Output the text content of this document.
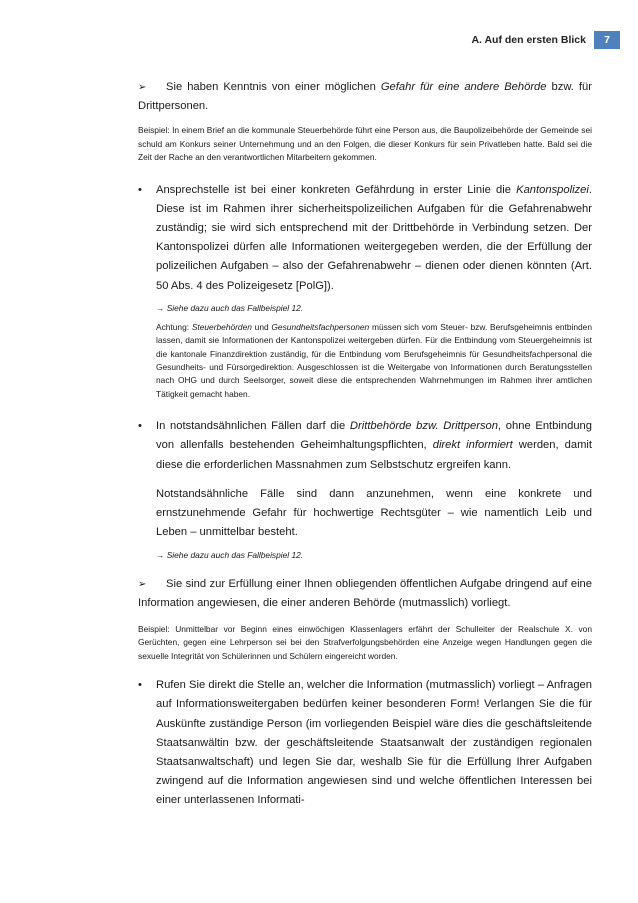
A. Auf den ersten Blick	7

➢ Sie haben Kenntnis von einer möglichen Gefahr für eine andere Behörde bzw. für Drittpersonen.

Beispiel: In einem Brief an die kommunale Steuerbehörde führt eine Person aus, die Baupolizeibehörde der Gemeinde sei schuld am Konkurs seiner Unternehmung und an den Folgen, die dieser Konkurs für sein Privatleben hatte. Bald sei die Zeit der Rache an den verantwortlichen Mitarbeitern gekommen.

•	Ansprechstelle ist bei einer konkreten Gefährdung in erster Linie die Kantonspolizei. Diese ist im Rahmen ihrer sicherheitspolizeilichen Aufgaben für die Gefahrenabwehr zuständig; sie wird sich entsprechend mit der Drittbehörde in Verbindung setzen. Der Kantonspolizei dürfen alle Informationen weitergegeben werden, die der Erfüllung der polizeilichen Aufgaben – also der Gefahrenabwehr – dienen oder dienen könnten (Art. 50 Abs. 4 des Polizeigesetz [PolG]).

→ Siehe dazu auch das Fallbeispiel 12.

Achtung: Steuerbehörden und Gesundheitsfachpersonen müssen sich vom Steuer- bzw. Berufsgeheimnis entbinden lassen, damit sie Informationen der Kantonspolizei weitergeben dürfen. Für die Entbindung vom Steuergeheimnis ist die kantonale Finanzdirektion zuständig, für die Entbindung vom Berufsgeheimnis für Gesundheitsfachpersonal die Gesundheits- und Fürsorgedirektion. Ausgeschlossen ist die Weitergabe von Informationen durch Beratungsstellen nach OHG und durch Seelsorger, soweit diese die entsprechenden Wahrnehmungen im Rahmen ihrer amtlichen Tätigkeit gemacht haben.

•	In notstandsähnlichen Fällen darf die Drittbehörde bzw. Drittperson, ohne Entbindung von allenfalls bestehenden Geheimhaltungspflichten, direkt informiert werden, damit diese die erforderlichen Massnahmen zum Selbstschutz ergreifen kann.

Notstandsähnliche Fälle sind dann anzunehmen, wenn eine konkrete und ernstzunehmende Gefahr für hochwertige Rechtsgüter – wie namentlich Leib und Leben – unmittelbar besteht.

→ Siehe dazu auch das Fallbeispiel 12.

➢ Sie sind zur Erfüllung einer Ihnen obliegenden öffentlichen Aufgabe dringend auf eine Information angewiesen, die einer anderen Behörde (mutmasslich) vorliegt.

Beispiel: Unmittelbar vor Beginn eines einwöchigen Klassenlagers erfährt der Schulleiter der Realschule X. von Gerüchten, gegen eine Lehrperson sei bei den Strafverfolgungsbehörden eine Anzeige wegen Handlungen gegen die sexuelle Integrität von Schülerinnen und Schülern eingereicht worden.

•	Rufen Sie direkt die Stelle an, welcher die Information (mutmasslich) vorliegt – Anfragen auf Informationsweitergaben bedürfen keiner besonderen Form! Verlangen Sie die für Auskünfte zuständige Person (im vorliegenden Beispiel wäre dies die geschäftsleitende Staatsanwältin bzw. der geschäftsleitende Staatsanwalt der zuständigen regionalen Staatsanwaltschaft) und legen Sie dar, weshalb Sie für die Erfüllung Ihrer Aufgaben zwingend auf die Information angewiesen sind und welche öffentlichen Interessen bei einer unterlassenen Informati-
